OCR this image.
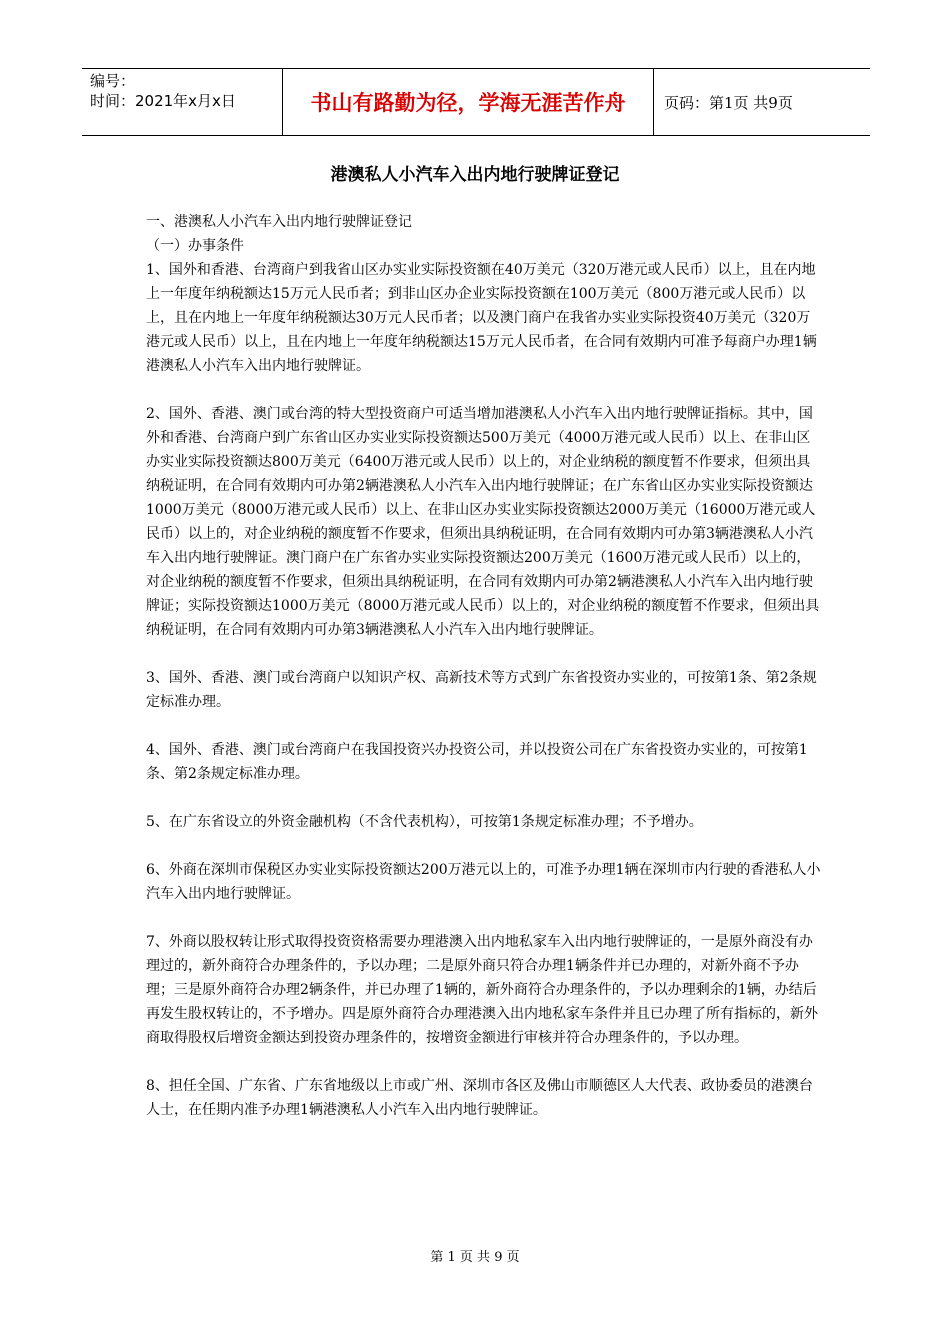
编号：
时间：2021年x月x日	书山有路勤为径，学海无涯苦作舟	页码：第1页 共9页
港澳私人小汽车入出内地行驶牌证登记

一、港澳私人小汽车入出内地行驶牌证登记

（一）办事条件

1、国外和香港、台湾商户到我省山区办实业实际投资额在40万美元（320万港元或人民币）以上，且在内地上一年度年纳税额达15万元人民币者；到非山区办企业实际投资额在100万美元（800万港元或人民币）以上，且在内地上一年度年纳税额达30万元人民币者；以及澳门商户在我省办实业实际投资40万美元（320万港元或人民币）以上，且在内地上一年度年纳税额达15万元人民币者，在合同有效期内可准予每商户办理1辆港澳私人小汽车入出内地行驶牌证。

2、国外、香港、澳门或台湾的特大型投资商户可适当增加港澳私人小汽车入出内地行驶牌证指标。其中，国外和香港、台湾商户到广东省山区办实业实际投资额达500万美元（4000万港元或人民币）以上、在非山区办实业实际投资额达800万美元（6400万港元或人民币）以上的，对企业纳税的额度暂不作要求，但须出具纳税证明，在合同有效期内可办第2辆港澳私人小汽车入出内地行驶牌证；在广东省山区办实业实际投资额达1000万美元（8000万港元或人民币）以上、在非山区办实业实际投资额达2000万美元（16000万港元或人民币）以上的，对企业纳税的额度暂不作要求，但须出具纳税证明，在合同有效期内可办第3辆港澳私人小汽车入出内地行驶牌证。澳门商户在广东省办实业实际投资额达200万美元（1600万港元或人民币）以上的，对企业纳税的额度暂不作要求，但须出具纳税证明，在合同有效期内可办第2辆港澳私人小汽车入出内地行驶牌证；实际投资额达1000万美元（8000万港元或人民币）以上的，对企业纳税的额度暂不作要求，但须出具纳税证明，在合同有效期内可办第3辆港澳私人小汽车入出内地行驶牌证。

3、国外、香港、澳门或台湾商户以知识产权、高新技术等方式到广东省投资办实业的，可按第1条、第2条规定标准办理。

4、国外、香港、澳门或台湾商户在我国投资兴办投资公司，并以投资公司在广东省投资办实业的，可按第1条、第2条规定标准办理。

5、在广东省设立的外资金融机构（不含代表机构），可按第1条规定标准办理；不予增办。

6、外商在深圳市保税区办实业实际投资额达200万港元以上的，可准予办理1辆在深圳市内行驶的香港私人小汽车入出内地行驶牌证。

7、外商以股权转让形式取得投资资格需要办理港澳入出内地私家车入出内地行驶牌证的，一是原外商没有办理过的，新外商符合办理条件的，予以办理；二是原外商只符合办理1辆条件并已办理的，对新外商不予办理；三是原外商符合办理2辆条件，并已办理了1辆的，新外商符合办理条件的，予以办理剩余的1辆，办结后再发生股权转让的，不予增办。四是原外商符合办理港澳入出内地私家车条件并且已办理了所有指标的，新外商取得股权后增资金额达到投资办理条件的，按增资金额进行审核并符合办理条件的，予以办理。

8、担任全国、广东省、广东省地级以上市或广州、深圳市各区及佛山市顺德区人大代表、政协委员的港澳台人士，在任期内准予办理1辆港澳私人小汽车入出内地行驶牌证。

第 1 页 共 9 页
